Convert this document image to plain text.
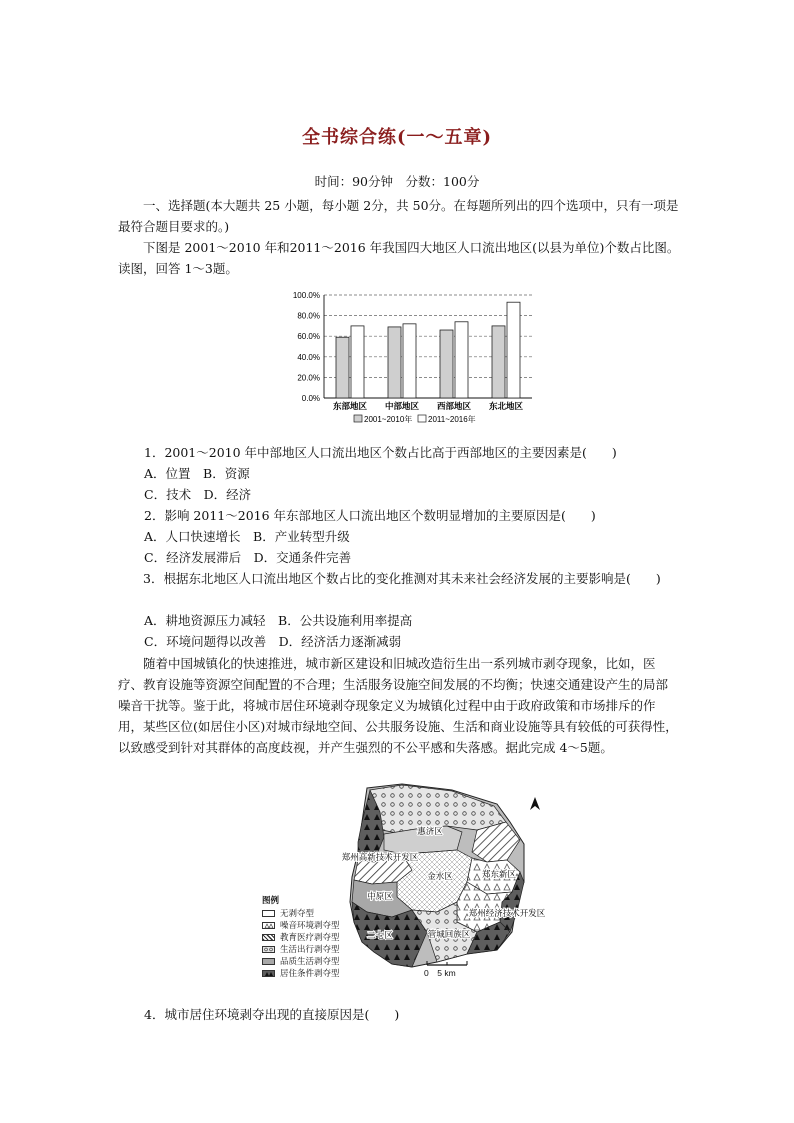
全书综合练(一～五章)
时间：90分钟　分数：100分
一、选择题(本大题共 25 小题，每小题 2分，共 50分。在每题所列出的四个选项中，只有一项是最符合题目要求的。)
下图是 2001～2010 年和2011～2016 年我国四大地区人口流出地区(以县为单位)个数占比图。读图，回答 1～3题。
0.0%
20.0%
40.0%
60.0%
80.0%
100.0%
东部地区 中部地区 西部地区 东北地区
2001~2010年 2011~2016年
1．2001～2010 年中部地区人口流出地区个数占比高于西部地区的主要因素是(　　)
A．位置　B．资源
C．技术　D．经济
2．影响 2011～2016 年东部地区人口流出地区个数明显增加的主要原因是(　　)
A．人口快速增长　B．产业转型升级
C．经济发展滞后　D．交通条件完善
3．根据东北地区人口流出地区个数占比的变化推测对其未来社会经济发展的主要影响是(　　)
A．耕地资源压力减轻　B．公共设施利用率提高
C．环境问题得以改善　D．经济活力逐渐减弱
随着中国城镇化的快速推进，城市新区建设和旧城改造衍生出一系列城市剥夺现象，比如，医疗、教育设施等资源空间配置的不合理；生活服务设施空间发展的不均衡；快速交通建设产生的局部噪音干扰等。鉴于此，将城市居住环境剥夺现象定义为城镇化过程中由于政府政策和市场排斥的作用，某些区位(如居住小区)对城市绿地空间、公共服务设施、生活和商业设施等具有较低的可获得性，以致感受到针对其群体的高度歧视，并产生强烈的不公平感和失落感。据此完成 4～5题。
惠济区
郑州高新技术开发区
金水区	郑东新区
中原区
郑州经济技术开发区
二七区	管城回族区
图例
无剥夺型
噪音环境剥夺型
教育医疗剥夺型
生活出行剥夺型
品质生活剥夺型
居住条件剥夺型	0　5 km
4．城市居住环境剥夺出现的直接原因是(　　)
